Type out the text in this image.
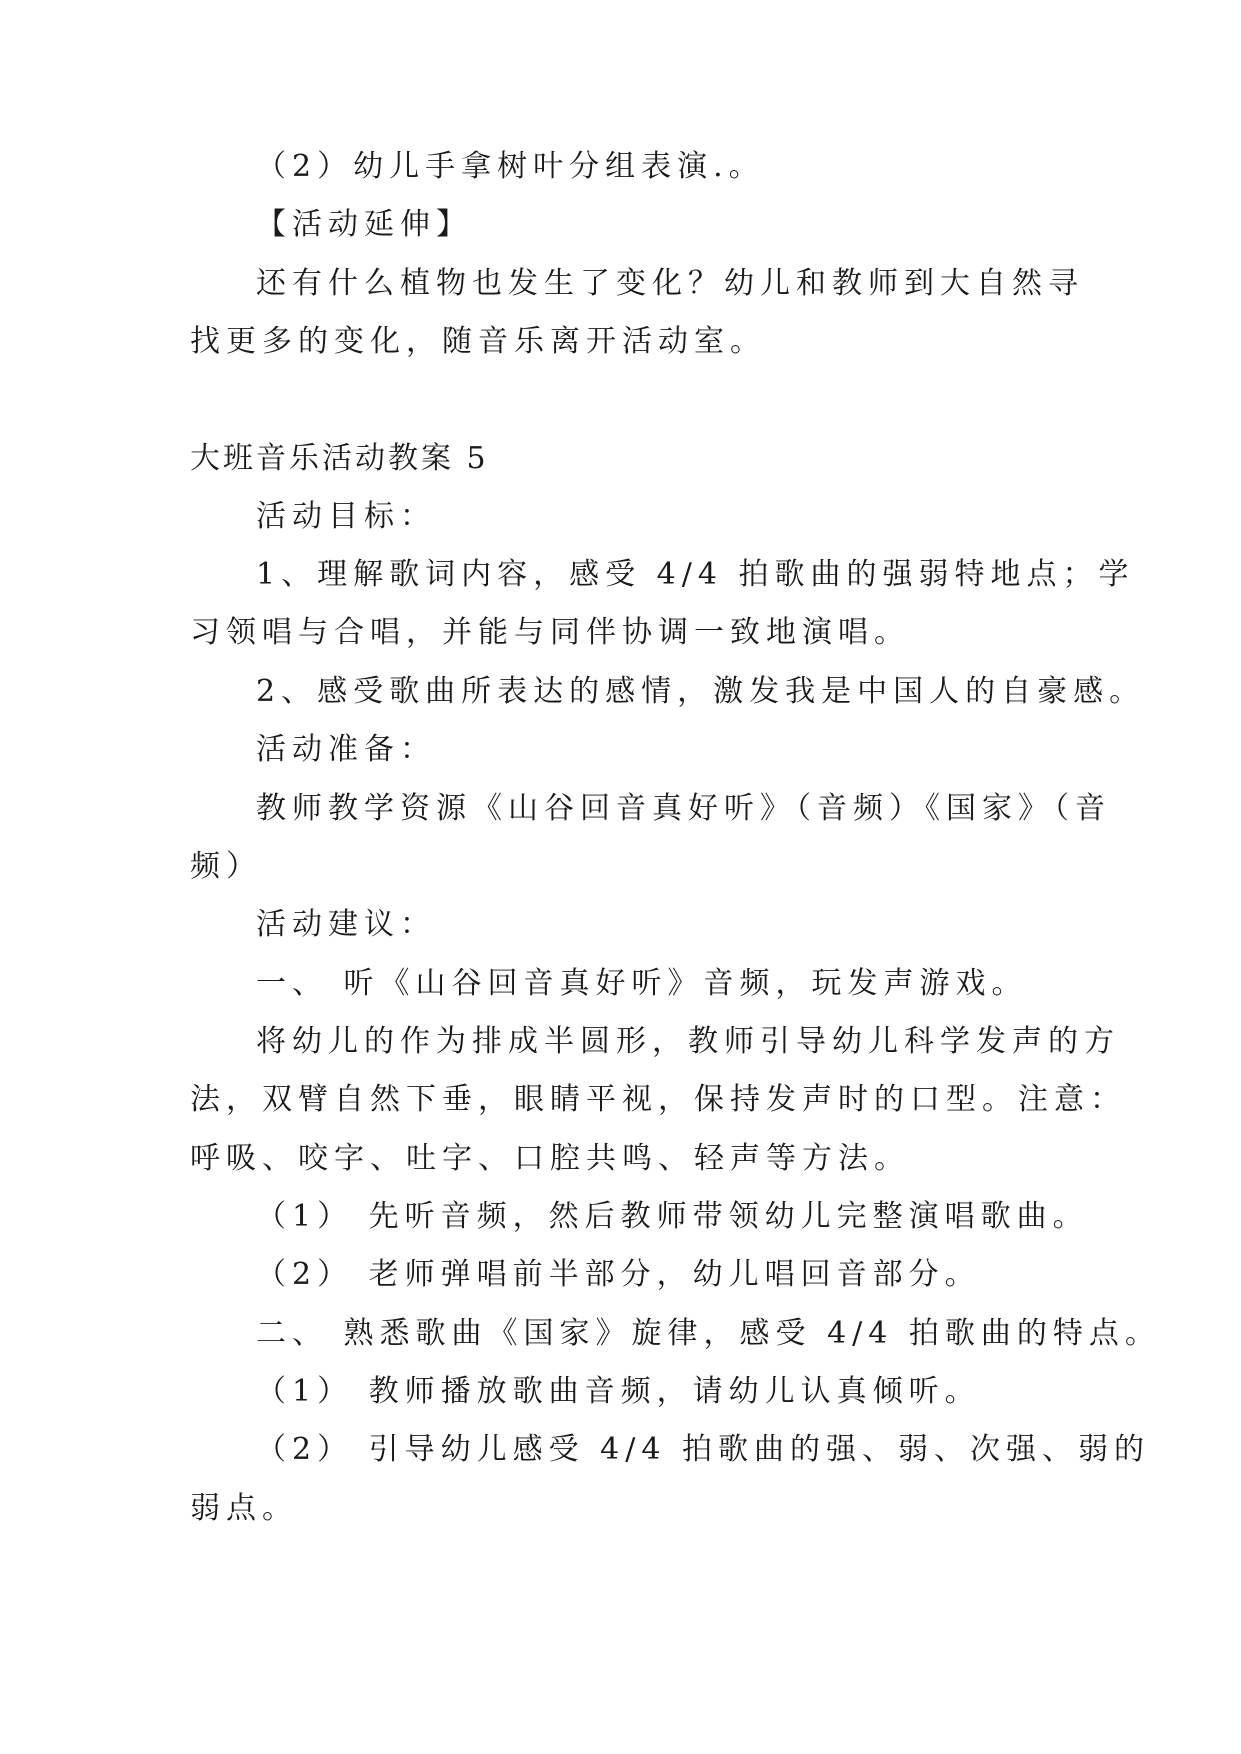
（2）幼儿手拿树叶分组表演.。
【活动延伸】
还有什么植物也发生了变化？幼儿和教师到大自然寻
找更多的变化，随音乐离开活动室。
大班音乐活动教案 5
活动目标：
1、理解歌词内容，感受 4/4 拍歌曲的强弱特地点；学
习领唱与合唱，并能与同伴协调一致地演唱。
2、感受歌曲所表达的感情，激发我是中国人的自豪感。
活动准备：
教师教学资源《山谷回音真好听》（音频）《国家》（音
频）
活动建议：
一、 听《山谷回音真好听》音频，玩发声游戏。
将幼儿的作为排成半圆形，教师引导幼儿科学发声的方
法，双臂自然下垂，眼睛平视，保持发声时的口型。注意：
呼吸、咬字、吐字、口腔共鸣、轻声等方法。
（1） 先听音频，然后教师带领幼儿完整演唱歌曲。
（2） 老师弹唱前半部分，幼儿唱回音部分。
二、 熟悉歌曲《国家》旋律，感受 4/4 拍歌曲的特点。
（1） 教师播放歌曲音频，请幼儿认真倾听。
（2） 引导幼儿感受 4/4 拍歌曲的强、弱、次强、弱的
弱点。
